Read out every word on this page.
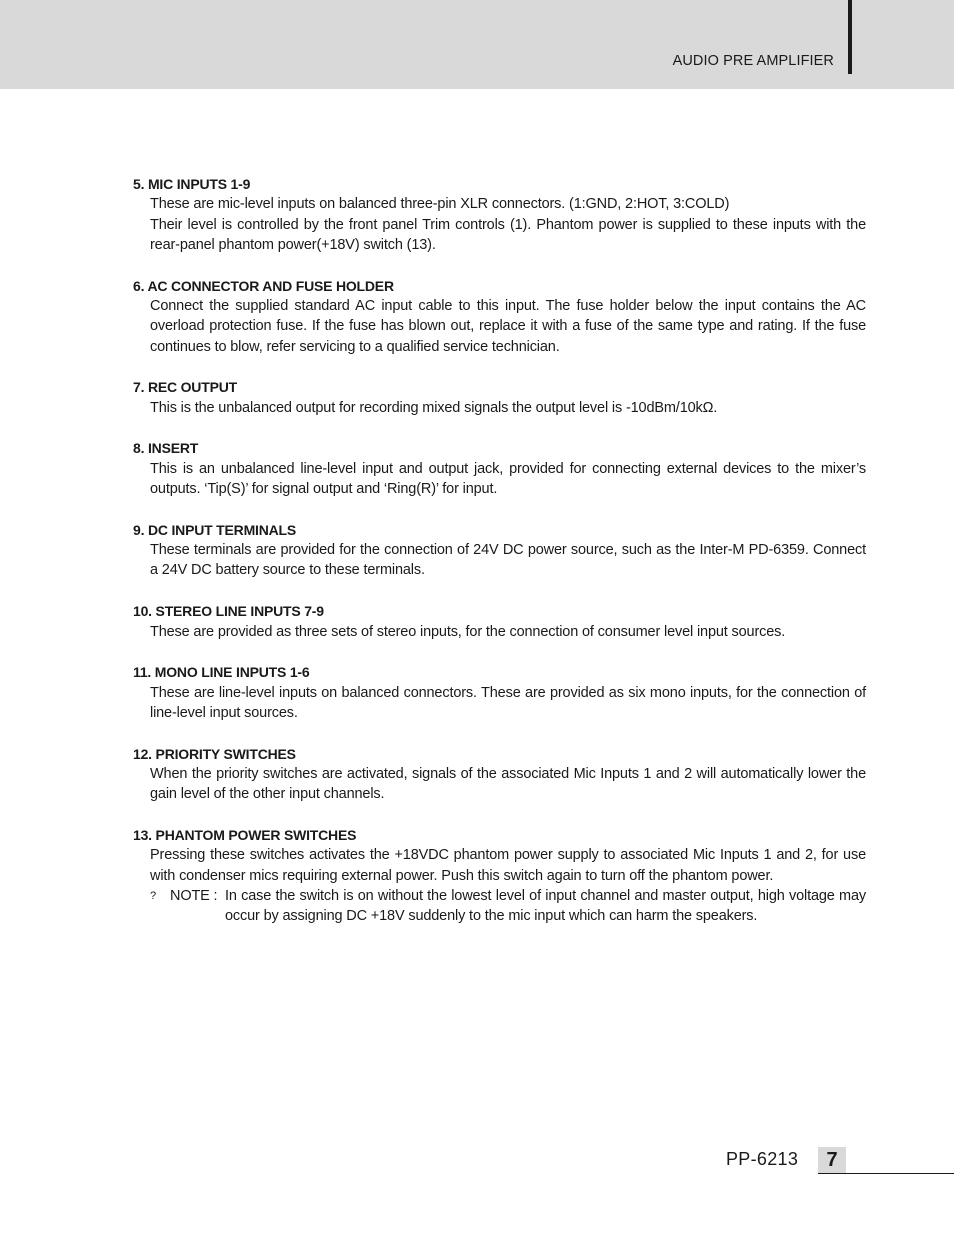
AUDIO PRE AMPLIFIER
5. MIC INPUTS 1-9
These are mic-level inputs on balanced three-pin XLR connectors. (1:GND, 2:HOT, 3:COLD)
Their level is controlled by the front panel Trim controls (1). Phantom power is supplied to these inputs with the rear-panel phantom power(+18V) switch (13).
6. AC CONNECTOR AND FUSE HOLDER
Connect the supplied standard AC input cable to this input. The fuse holder below the input contains the AC overload protection fuse. If the fuse has blown out, replace it with a fuse of the same type and rating. If the fuse continues to blow, refer servicing to a qualified service technician.
7. REC OUTPUT
This is the unbalanced output for recording mixed signals the output level is -10dBm/10kΩ.
8. INSERT
This is an unbalanced line-level input and output jack, provided for connecting external devices to the mixer’s outputs. ‘Tip(S)’ for signal output and ‘Ring(R)’ for input.
9. DC INPUT TERMINALS
These terminals are provided for the connection of 24V DC power source, such as the Inter-M PD-6359. Connect a 24V DC battery source to these terminals.
10. STEREO LINE INPUTS 7-9
These are provided as three sets of stereo inputs, for the connection of consumer level input sources.
11. MONO LINE INPUTS 1-6
These are line-level inputs on balanced connectors. These are provided as six mono inputs, for the connection of line-level input sources.
12. PRIORITY SWITCHES
When the priority switches are activated, signals of the associated Mic Inputs 1 and 2 will automatically lower the gain level of the other input channels.
13. PHANTOM POWER SWITCHES
Pressing these switches activates the +18VDC phantom power supply to associated Mic Inputs 1 and 2, for use with condenser mics requiring external power. Push this switch again to turn off the phantom power.
? NOTE : In case the switch is on without the lowest level of input channel and master output, high voltage may occur by assigning DC +18V suddenly to the mic input which can harm the speakers.
PP-6213	7
